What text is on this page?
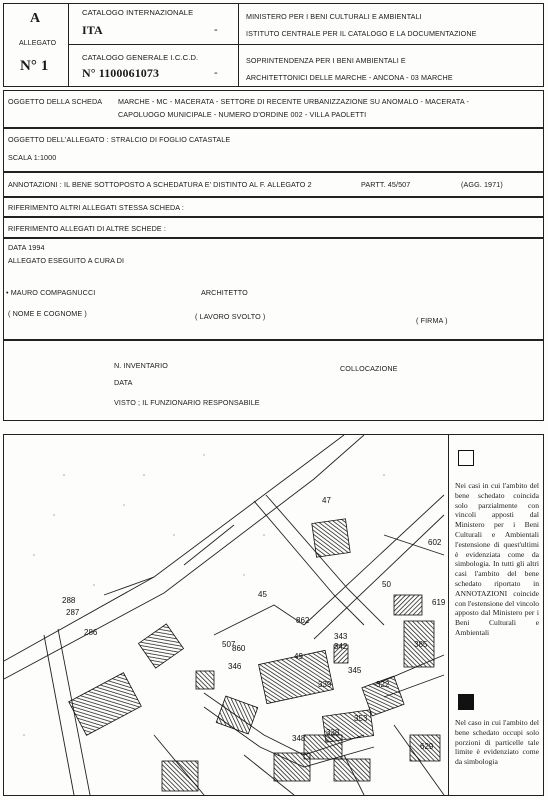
A
ALLEGATO
N° 1
CATALOGO INTERNAZIONALE
ITA	-
CATALOGO GENERALE I.C.C.D.
N° 1100061073	-
MINISTERO PER I BENI CULTURALI E AMBIENTALI
ISTITUTO CENTRALE PER IL CATALOGO E LA DOCUMENTAZIONE
SOPRINTENDENZA PER I BENI AMBIENTALI E
ARCHITETTONICI DELLE MARCHE - ANCONA - 03 MARCHE
OGGETTO DELLA SCHEDA MARCHE - MC - MACERATA - SETTORE DI RECENTE URBANIZZAZIONE SU ANOMALO - MACERATA -
CAPOLUOGO MUNICIPALE - NUMERO D'ORDINE 002 - VILLA PAOLETTI
OGGETTO DELL'ALLEGATO : STRALCIO DI FOGLIO CATASTALE
SCALA 1:1000
ANNOTAZIONI : IL BENE SOTTOPOSTO A SCHEDATURA E' DISTINTO AL F. ALLEGATO 2	PARTT. 45/507	(AGG. 1971)
RIFERIMENTO ALTRI ALLEGATI STESSA SCHEDA :
RIFERIMENTO ALLEGATI DI ALTRE SCHEDE :
DATA 1994
ALLEGATO ESEGUITO A CURA DI
• MAURO COMPAGNUCCI	ARCHITETTO
( NOME E COGNOME )	( LAVORO SVOLTO )	( FIRMA )
N. INVENTARIO	COLLOCAZIONE
DATA
VISTO ; IL FUNZIONARIO RESPONSABILE
47
45
50
507
49
286
288
287
346
860
345
353
322
348
338
385
619
629
602
862
343
342
339
Nei casi in cui l'ambito del bene schedato coincida solo parzialmente con vincoli apposti dal Ministero per i Beni Culturali e Ambientali l'estensione di quest'ultimi è evidenziata come da simbologia. In tutti gli altri casi l'ambito del bene schedato riportato in ANNOTAZIONI coincide con l'estensione del vincolo apposto dal Ministero per i Beni Culturali e Ambientali
Nel caso in cui l'ambito del bene schedato occupi solo porzioni di particelle tale limite è evidenziato come da simbologia
